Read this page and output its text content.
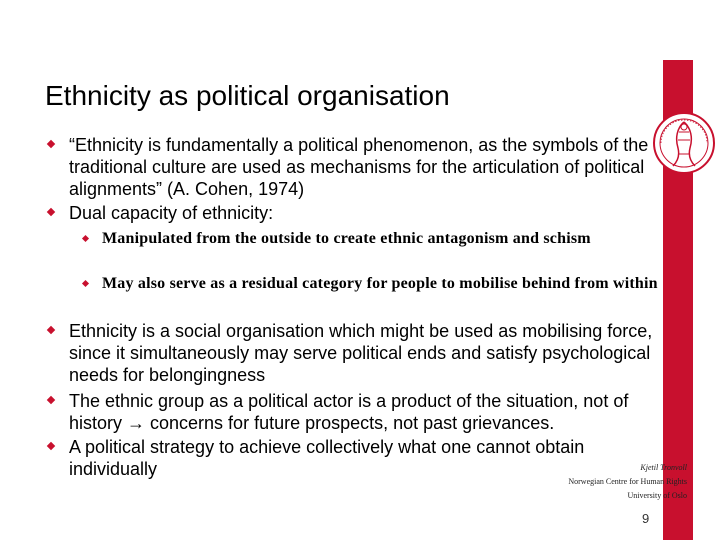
Ethnicity as political organisation
“Ethnicity is fundamentally a political phenomenon, as the symbols of the traditional culture are used as mechanisms for the articulation of political alignments” (A. Cohen, 1974)
Dual capacity of ethnicity:
Manipulated from the outside to create ethnic antagonism and schism
May also serve as a residual category for people to mobilise behind from within
Ethnicity is a social organisation which might be used as mobilising force, since it simultaneously may serve political ends and satisfy psychological needs for belongingness
The ethnic group as a political actor is a product of the situation, not of history → concerns for future prospects, not past grievances.
A political strategy to achieve collectively what one cannot obtain individually	Kjetil Tronvoll
Norwegian Centre for Human Rights
University of Oslo
9
